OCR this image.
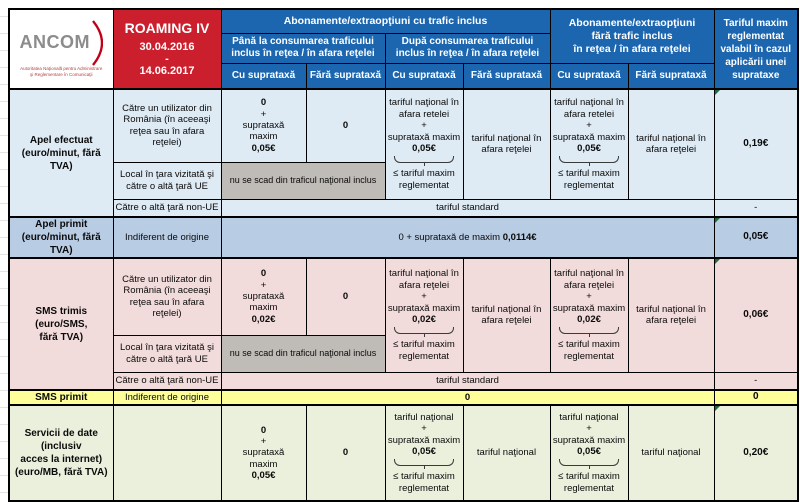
ANCOM
Autoritatea Naţională pentru Administrare
şi Reglementare în Comunicaţii

ROAMING IV
30.04.2016
-
14.06.2017
	Abonamente/extraopţiuni cu trafic inclus	Abonamente/extraopţiuni
fără trafic inclus
în reţea / în afara reţelei
	Tariful maxim reglementat valabil în cazul aplicării unei suprataxe
		Până la consumarea traficului inclus în reţea / în afara reţelei		După consumarea traficului inclus în reţea / în afara reţelei				
		Cu suprataxă	Fără suprataxă	Cu suprataxă	Fără suprataxă	Cu suprataxă	Fără suprataxă	

Apel efectuat
(euro/minut, fără TVA)
	Către un utilizator din România (în aceeaşi reţea sau în afara reţelei)	
0
+
suprataxă
maxim
0,05€
	0	
tariful naţional în
afara retelei
+
suprataxă maxim
0,05€
≤ tariful maxim
reglementat
	tariful naţional în afara reţelei	
tariful naţional în
afara retelei
+
suprataxă maxim
0,05€
≤ tariful maxim
reglementat
	tariful naţional în afara reţelei	
0,19€
	Local în ţara vizitată şi către o altă ţară UE	nu se scad din traficul naţional inclus						
	Către o altă ţară non-UE	tariful standard						-

Apel primit
(euro/minut, fără TVA)	Indiferent de origine	0 + suprataxă de maxim 0,0114€						0,05€

SMS trimis (euro/SMS,
fără TVA)
	Către un utilizator din România (în aceeaşi reţea sau în afara reţelei)	
0
+
suprataxă
maxim
0,02€
	0	
tariful naţional în
afara reţelei
+
suprataxă maxim
0,02€
≤ tariful maxim
reglementat
	tariful naţional în afara reţelei	
tariful naţional în
afara reţelei
+
suprataxă maxim
0,02€
≤ tariful maxim
reglementat
	tariful naţional în afara reţelei	
0,06€
	Local în ţara vizitată şi către o altă ţară UE	nu se scad din traficul naţional inclus						
	Către o altă ţară non-UE	tariful standard						-
SMS primit	Indiferent de origine	0						0

Servicii de date (inclusiv
acces la internet)
(euro/MB, fără TVA)

0
+
suprataxă
maxim
0,05€
	0	
tariful naţional
+
suprataxă maxim
0,05€
≤ tariful maxim
reglementat
	tariful naţional	
tariful naţional
+
suprataxă maxim
0,05€
≤ tariful maxim
reglementat
	tariful naţional	0,20€
